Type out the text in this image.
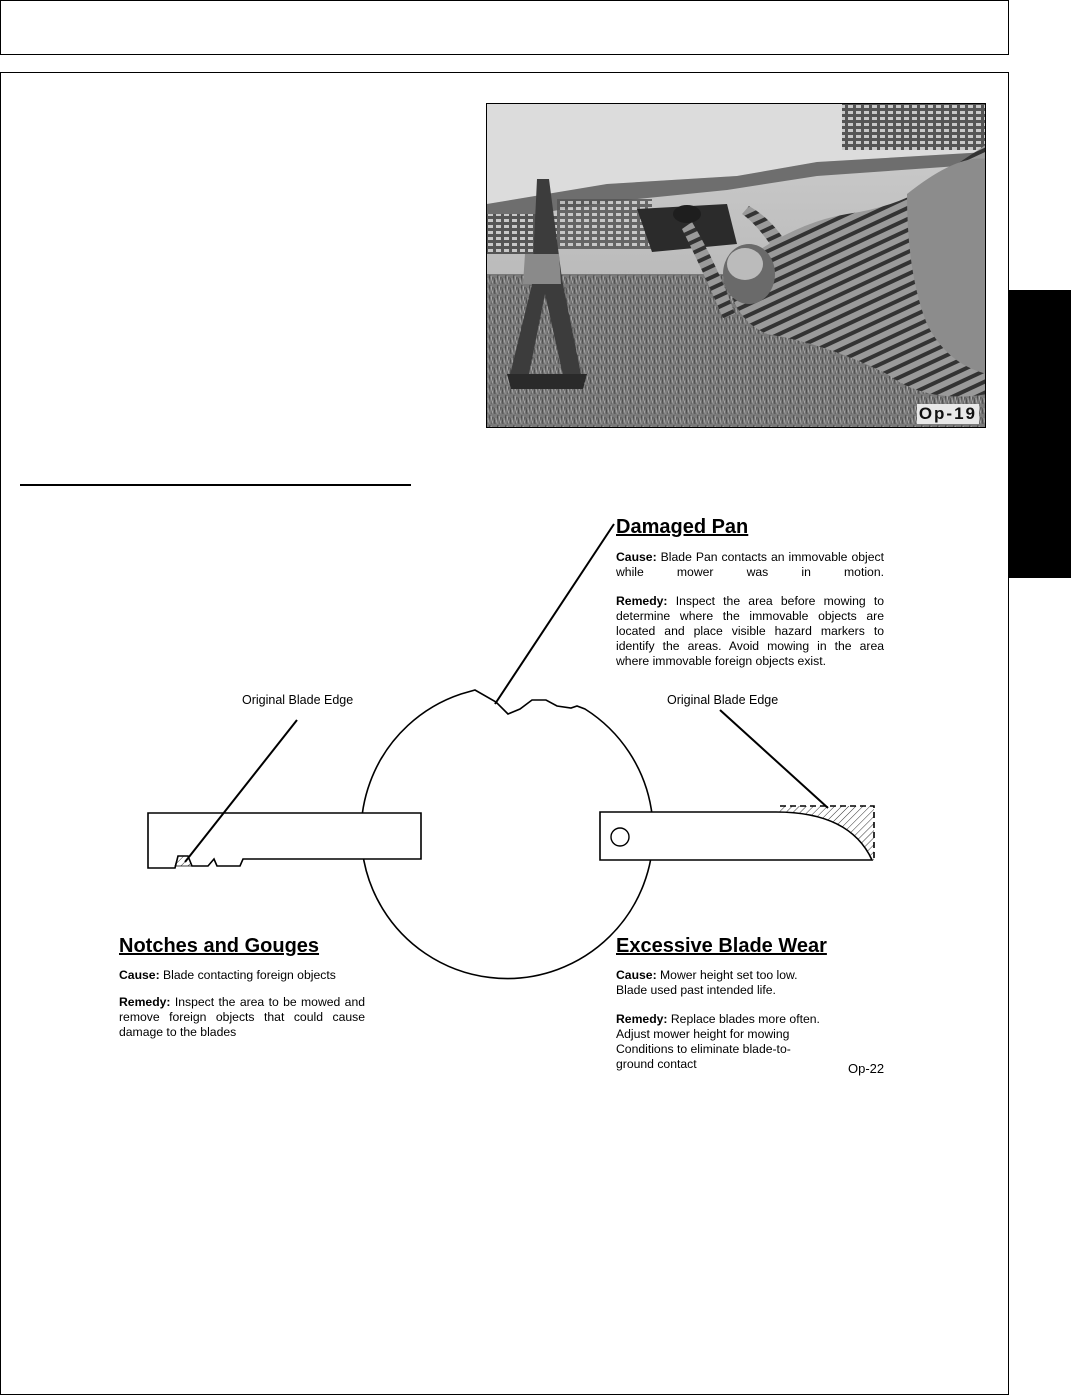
Op-19
Damaged Pan

Cause: Blade Pan contacts an immovable object while mower was in motion.

Remedy: Inspect the area before mowing to determine where the immovable objects are located and place visible hazard markers to identify the areas. Avoid mowing in the area where immovable foreign objects exist.

Original Blade Edge	Original Blade Edge
Notches and Gouges

Cause: Blade contacting foreign objects

Remedy: Inspect the area to be mowed and remove foreign objects that could cause damage to the blades

Excessive Blade Wear

Cause: Mower height set too low.
Blade used past intended life.

Remedy: Replace blades more often.
Adjust mower height for mowing
Conditions to eliminate blade-to-
ground contact	Op-22
